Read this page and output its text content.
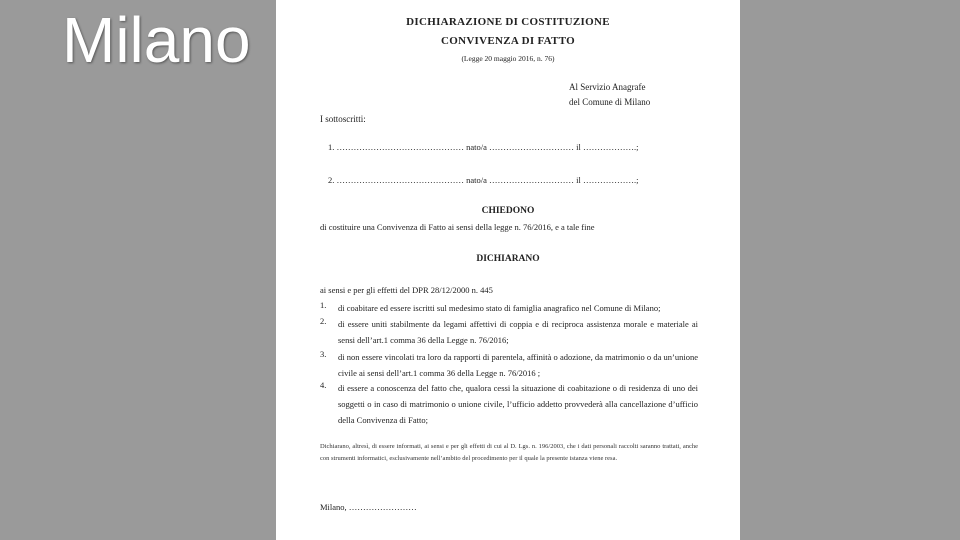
Milano	DICHIARAZIONE DI COSTITUZIONE
CONVIVENZA DI FATTO
(Legge 20 maggio 2016, n. 76)
Al Servizio Anagrafe
del Comune di Milano
I sottoscritti:
1. ……………………………………… nato/a ………………………… il ……………….;
2. ……………………………………… nato/a ………………………… il ……………….;
CHIEDONO
di costituire una Convivenza di Fatto ai sensi della legge n. 76/2016, e a tale fine
DICHIARANO
ai sensi e per gli effetti del DPR 28/12/2000 n. 445
1. di coabitare ed essere iscritti sul medesimo stato di famiglia anagrafico nel Comune di Milano;
2. di essere uniti stabilmente da legami affettivi di coppia e di reciproca assistenza morale e materiale ai sensi dell’art.1 comma 36 della Legge n. 76/2016;
3. di non essere vincolati tra loro da rapporti di parentela, affinità o adozione, da matrimonio o da un’unione civile ai sensi dell’art.1 comma 36 della Legge n. 76/2016 ;
4. di essere a conoscenza del fatto che, qualora cessi la situazione di coabitazione o di residenza di uno dei soggetti o in caso di matrimonio o unione civile, l’ufficio addetto provvederà alla cancellazione d’ufficio della Convivenza di Fatto;
Dichiarano, altresì, di essere informati, ai sensi e per gli effetti di cui al D. Lgs. n. 196/2003, che i dati personali raccolti saranno trattati, anche con strumenti informatici, esclusivamente nell’ambito del procedimento per il quale la presente istanza viene resa.
Milano, ……………………
